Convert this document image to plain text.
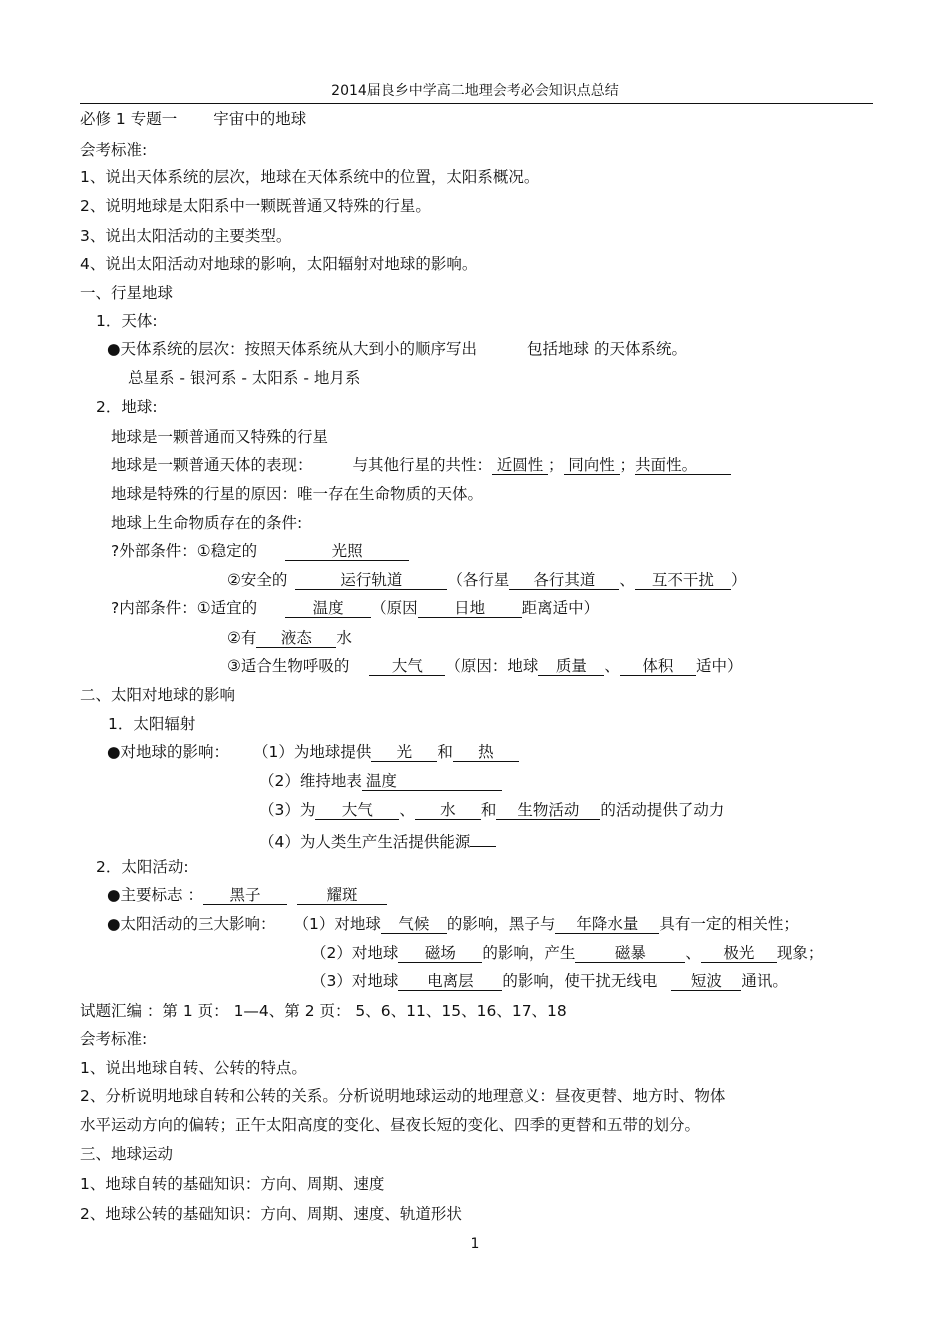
2014届良乡中学高二地理会考必会知识点总结
必修 1 专题一 宇宙中的地球
会考标准:
1、说出天体系统的层次，地球在天体系统中的位置，太阳系概况。
2、说明地球是太阳系中一颗既普通又特殊的行星。
3、说出太阳活动的主要类型。
4、说出太阳活动对地球的影响，太阳辐射对地球的影响。
一、行星地球
1．天体:
●天体系统的层次：按照天体系统从大到小的顺序写出	包括地球 的天体系统。
总星系 - 银河系 - 太阳系 - 地月系
2．地球:
地球是一颗普通而又特殊的行星
地球是一颗普通天体的表现：	与其他行星的共性： 近圆性 ； 同向性 ；共面性。
地球是特殊的行星的原因：唯一存在生命物质的天体。
地球上生命物质存在的条件:
?外部条件：①稳定的	光照
②安全的	运行轨道	（各行星 各行其道 、 互不干扰 ）
?内部条件：①适宜的	温度 （原因 日地 距离适中）
②有 液态 水
③适合生物呼吸的	大气 （原因：地球 质量 、 体积 适中）
二、太阳对地球的影响
1．太阳辐射
●对地球的影响： （1）为地球提供 光 和 热
（2）维持地表 温度
（3）为 大气 、 水 和 生物活动 的活动提供了动力
（4）为人类生产生活提供能源
2．太阳活动:
●主要标志 ： 黑子	耀斑
●太阳活动的三大影响： （1）对地球 气候 的影响，黑子与 年降水量 具有一定的相关性；
（2）对地球 磁场 的影响，产生	磁暴	、 极光 现象；
（3）对地球 电离层 的影响，使干扰无线电 短波 通讯。
试题汇编 ：第 1 页： 1—4、第 2 页： 5、6、11、15、16、17、18
会考标准:
1、说出地球自转、公转的特点。
2、分析说明地球自转和公转的关系。分析说明地球运动的地理意义：昼夜更替、地方时、物体
水平运动方向的偏转；正午太阳高度的变化、昼夜长短的变化、四季的更替和五带的划分。
三、地球运动
1、地球自转的基础知识：方向、周期、速度
2、地球公转的基础知识：方向、周期、速度、轨道形状
1
